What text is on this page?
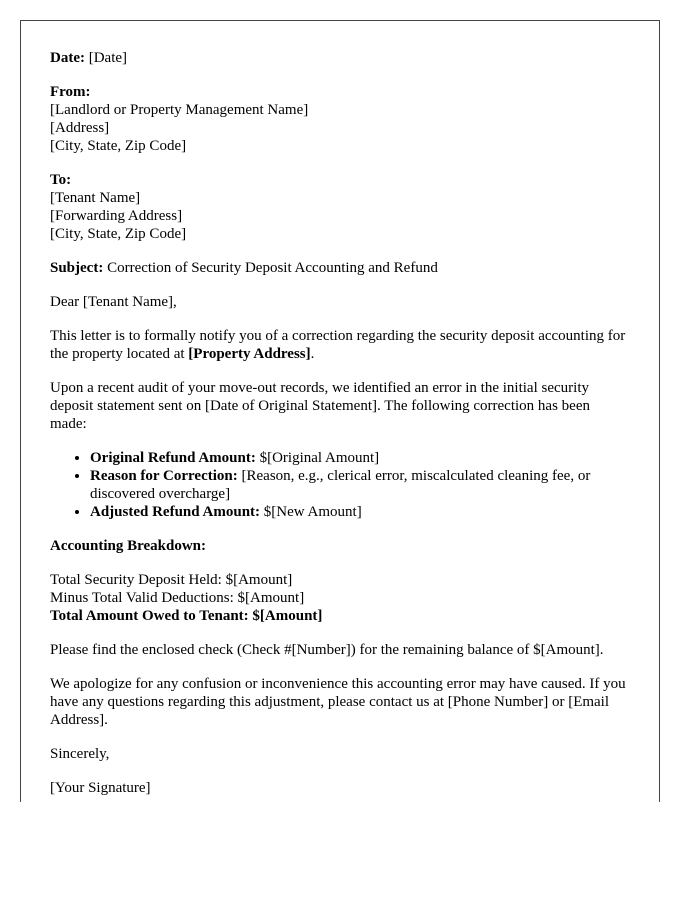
Date: [Date]

From:
[Landlord or Property Management Name]
[Address]
[City, State, Zip Code]

To:
[Tenant Name]
[Forwarding Address]
[City, State, Zip Code]

Subject: Correction of Security Deposit Accounting and Refund

Dear [Tenant Name],

This letter is to formally notify you of a correction regarding the security deposit accounting for the property located at [Property Address].

Upon a recent audit of your move-out records, we identified an error in the initial security deposit statement sent on [Date of Original Statement]. The following correction has been made:

• Original Refund Amount: $[Original Amount]
• Reason for Correction: [Reason, e.g., clerical error, miscalculated cleaning fee, or discovered overcharge]
• Adjusted Refund Amount: $[New Amount]

Accounting Breakdown:

Total Security Deposit Held: $[Amount]
Minus Total Valid Deductions: $[Amount]
Total Amount Owed to Tenant: $[Amount]

Please find the enclosed check (Check #[Number]) for the remaining balance of $[Amount].

We apologize for any confusion or inconvenience this accounting error may have caused. If you have any questions regarding this adjustment, please contact us at [Phone Number] or [Email Address].

Sincerely,

[Your Signature]
